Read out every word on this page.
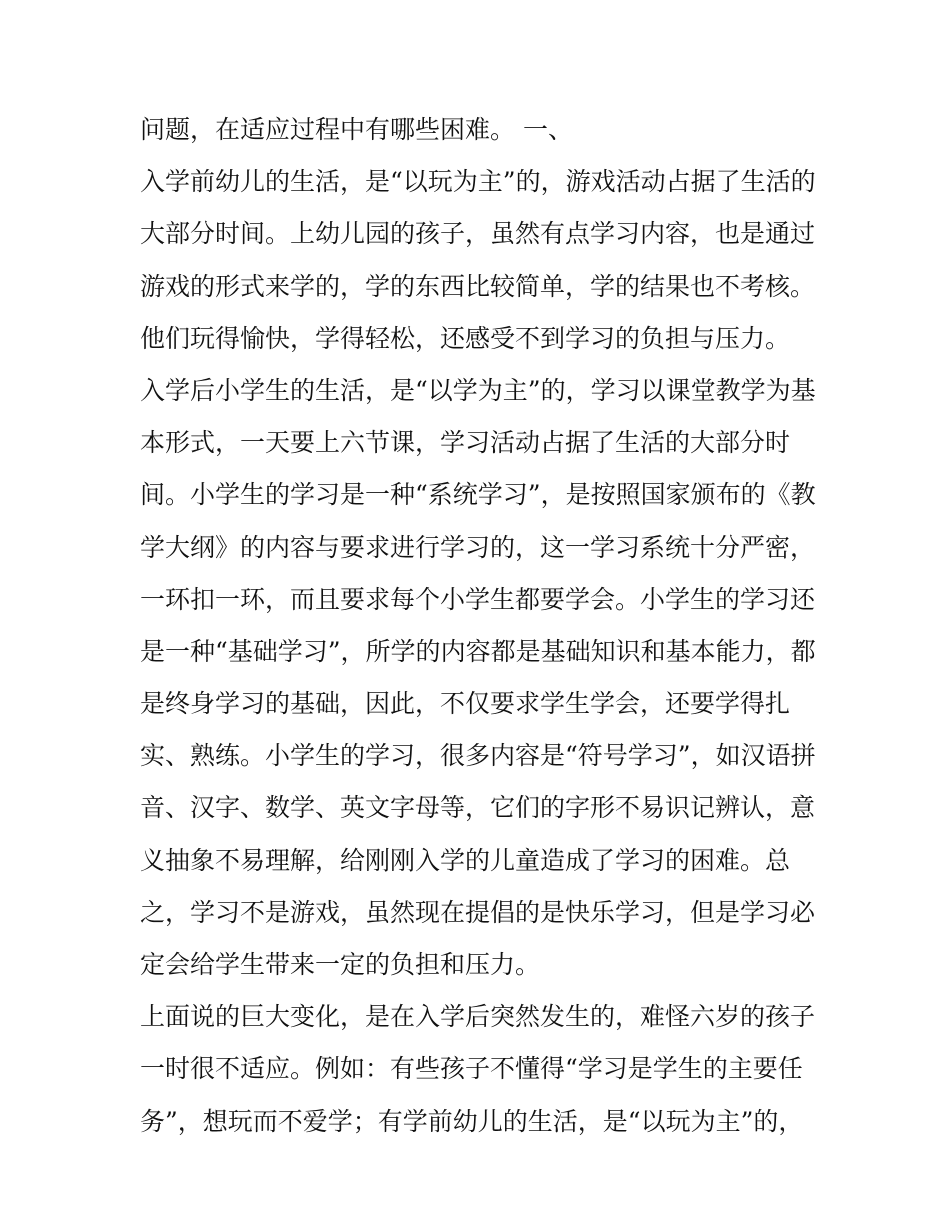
问题，在适应过程中有哪些困难。 一、
入学前幼儿的生活，是“以玩为主”的，游戏活动占据了生活的
大部分时间。上幼儿园的孩子，虽然有点学习内容，也是通过
游戏的形式来学的，学的东西比较简单，学的结果也不考核。
他们玩得愉快，学得轻松，还感受不到学习的负担与压力。
入学后小学生的生活，是“以学为主”的，学习以课堂教学为基
本形式，一天要上六节课，学习活动占据了生活的大部分时
间。小学生的学习是一种“系统学习”，是按照国家颁布的《教
学大纲》的内容与要求进行学习的，这一学习系统十分严密，
一环扣一环，而且要求每个小学生都要学会。小学生的学习还
是一种“基础学习”，所学的内容都是基础知识和基本能力，都
是终身学习的基础，因此，不仅要求学生学会，还要学得扎
实、熟练。小学生的学习，很多内容是“符号学习”，如汉语拼
音、汉字、数学、英文字母等，它们的字形不易识记辨认，意
义抽象不易理解，给刚刚入学的儿童造成了学习的困难。总
之，学习不是游戏，虽然现在提倡的是快乐学习，但是学习必
定会给学生带来一定的负担和压力。
上面说的巨大变化，是在入学后突然发生的，难怪六岁的孩子
一时很不适应。例如：有些孩子不懂得“学习是学生的主要任
务”，想玩而不爱学；有学前幼儿的生活，是“以玩为主”的，
